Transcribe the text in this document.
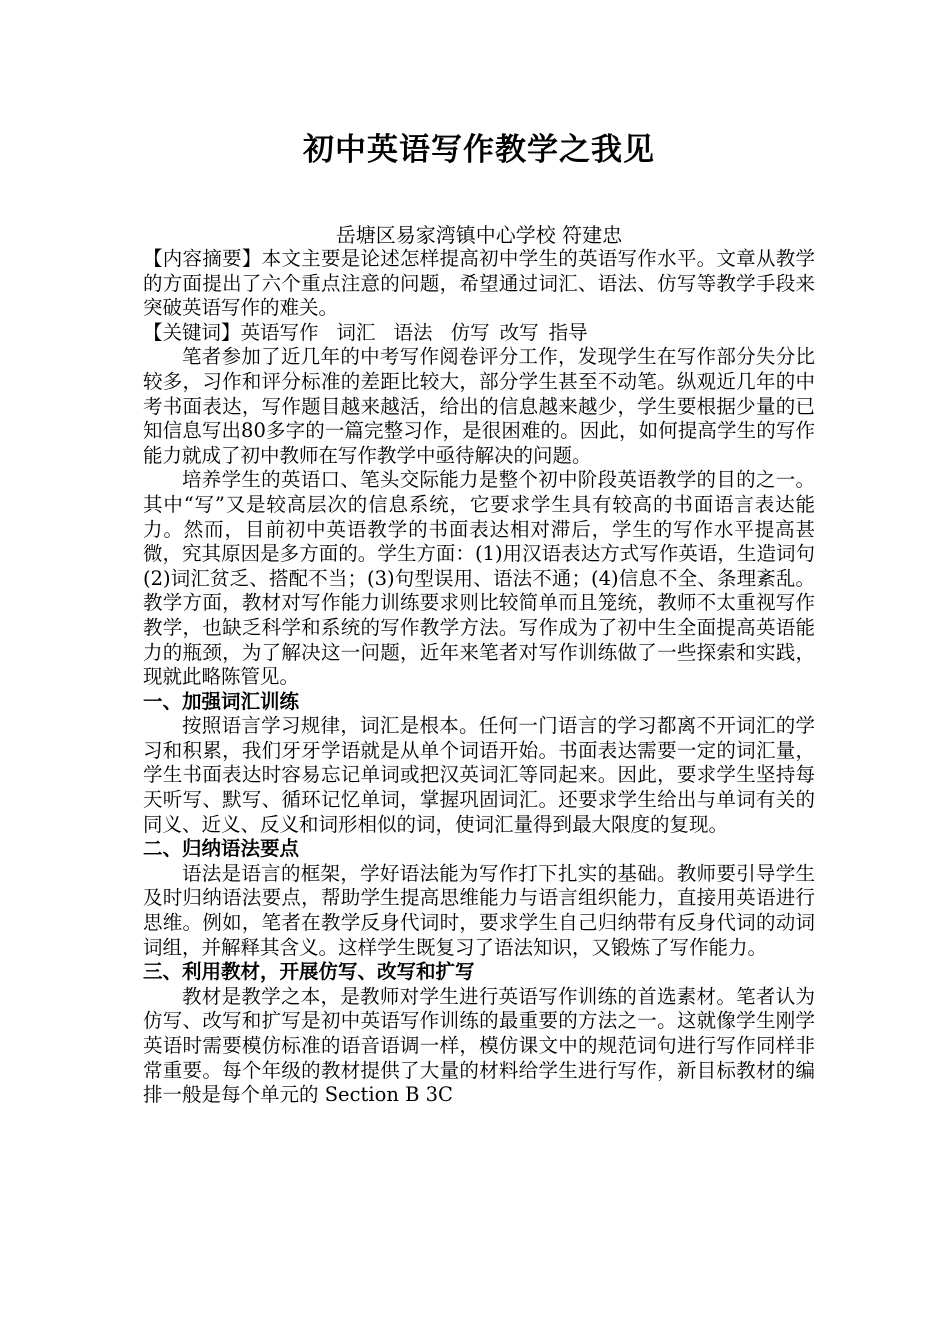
初中英语写作教学之我见
岳塘区易家湾镇中心学校 符建忠

【内容摘要】本文主要是论述怎样提高初中学生的英语写作水平。文章从教学的方面提出了六个重点注意的问题，希望通过词汇、语法、仿写等教学手段来突破英语写作的难关。

【关键词】英语写作 词汇 语法 仿写 改写 指导

笔者参加了近几年的中考写作阅卷评分工作，发现学生在写作部分失分比较多，习作和评分标准的差距比较大，部分学生甚至不动笔。纵观近几年的中考书面表达，写作题目越来越活，给出的信息越来越少，学生要根据少量的已知信息写出80多字的一篇完整习作，是很困难的。因此，如何提高学生的写作能力就成了初中教师在写作教学中亟待解决的问题。

培养学生的英语口、笔头交际能力是整个初中阶段英语教学的目的之一。其中“写”又是较高层次的信息系统，它要求学生具有较高的书面语言表达能力。然而，目前初中英语教学的书面表达相对滞后，学生的写作水平提高甚微，究其原因是多方面的。学生方面：(1)用汉语表达方式写作英语，生造词句(2)词汇贫乏、搭配不当；(3)句型误用、语法不通；(4)信息不全、条理紊乱。教学方面，教材对写作能力训练要求则比较简单而且笼统，教师不太重视写作教学，也缺乏科学和系统的写作教学方法。写作成为了初中生全面提高英语能力的瓶颈，为了解决这一问题，近年来笔者对写作训练做了一些探索和实践，现就此略陈管见。

一、加强词汇训练

按照语言学习规律，词汇是根本。任何一门语言的学习都离不开词汇的学习和积累，我们牙牙学语就是从单个词语开始。书面表达需要一定的词汇量，学生书面表达时容易忘记单词或把汉英词汇等同起来。因此，要求学生坚持每天听写、默写、循环记忆单词，掌握巩固词汇。还要求学生给出与单词有关的同义、近义、反义和词形相似的词，使词汇量得到最大限度的复现。

二、归纳语法要点

语法是语言的框架，学好语法能为写作打下扎实的基础。教师要引导学生及时归纳语法要点，帮助学生提高思维能力与语言组织能力，直接用英语进行思维。例如，笔者在教学反身代词时，要求学生自己归纳带有反身代词的动词词组，并解释其含义。这样学生既复习了语法知识，又锻炼了写作能力。

三、利用教材，开展仿写、改写和扩写

教材是教学之本，是教师对学生进行英语写作训练的首选素材。笔者认为仿写、改写和扩写是初中英语写作训练的最重要的方法之一。这就像学生刚学英语时需要模仿标准的语音语调一样，模仿课文中的规范词句进行写作同样非常重要。每个年级的教材提供了大量的材料给学生进行写作，新目标教材的编排一般是每个单元的 Section B 3C
